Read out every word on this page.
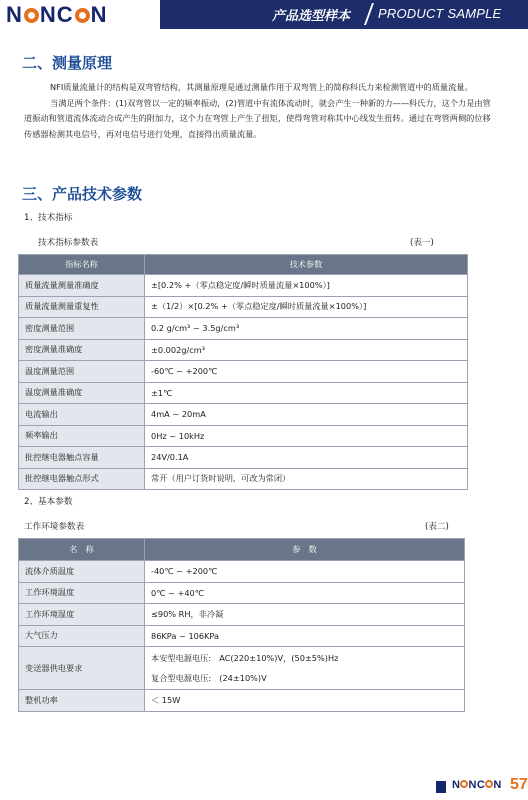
N NC N	产品选型样本 PRODUCT SAMPLE
二、测量原理

NFI质量流量计的结构是双弯管结构，其测量原理是通过测量作用于双弯管上的简称科氏力来检测管道中的质量流量。

当满足两个条件：(1)双弯管以一定的频率振动，(2)管道中有流体流动时，就会产生一种新的力——科氏力，这个力是由管道振动和管道流体流动合成产生的附加力，这个力在弯管上产生了扭矩，使得弯管对称其中心线发生扭转。通过在弯管两侧的位移传感器检测其电信号，再对电信号进行处理，直接得出质量流量。

三、产品技术参数
1、技术指标
技术指标参数表	(表一)
指标名称	技术参数
质量流量测量准确度	±[0.2% +（零点稳定度/瞬时质量流量×100%）]
质量流量测量重复性	±（1/2）×[0.2% +（零点稳定度/瞬时质量流量×100%）]
密度测量范围	0.2 g/cm³ ~ 3.5g/cm³
密度测量准确度	±0.002g/cm³
温度测量范围	-60℃ ~ +200℃
温度测量准确度	±1℃
电流输出	4mA ~ 20mA
频率输出	0Hz ~ 10kHz
批控继电器触点容量	24V/0.1A
批控继电器触点形式	常开（用户订货时说明，可改为常闭）
2、基本参数
工作环境参数表	(表二)
名　称	参　数
流体介质温度	-40℃ ~ +200℃
工作环境温度	0℃ ~ +40℃
工作环境湿度	≤90% RH，非冷凝
大气压力	86KPa ~ 106KPa
变送器供电要求	本安型电源电压:　AC(220±10%)V，(50±5%)Hz
复合型电源电压:　(24±10%)V

整机功率	＜ 15W
N NC N 57
